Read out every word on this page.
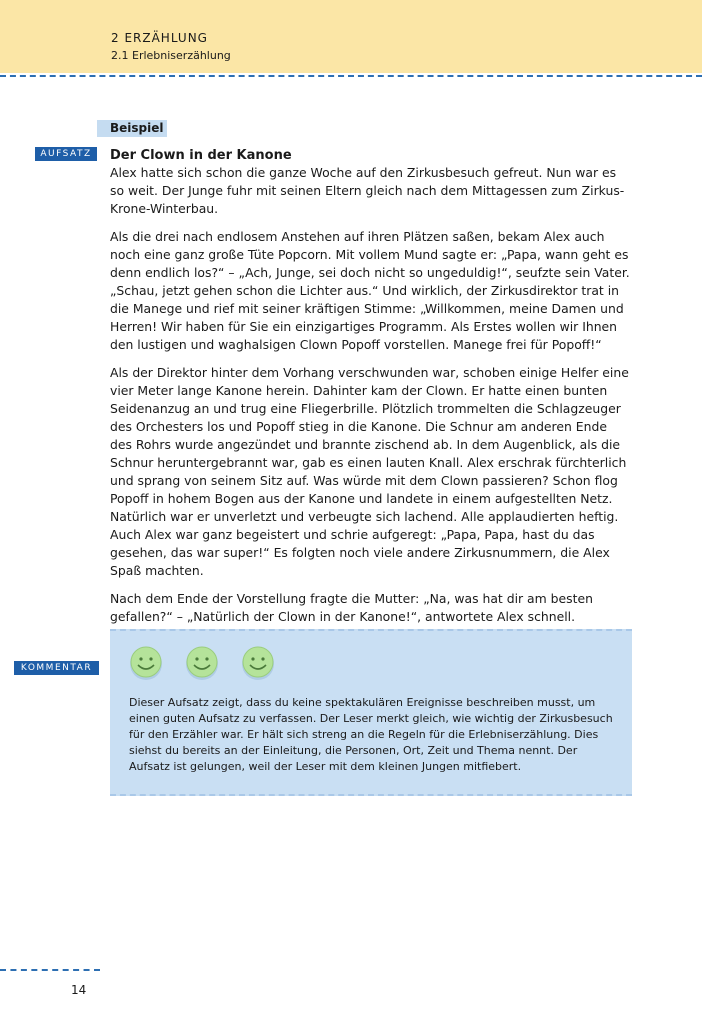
2 ERZÄHLUNG
2.1 Erlebniserzählung
Beispiel
AUFSATZ	Der Clown in der Kanone

Alex hatte sich schon die ganze Woche auf den Zirkusbesuch gefreut. Nun war es so weit. Der Junge fuhr mit seinen Eltern gleich nach dem Mittagessen zum Zirkus-Krone-Winterbau.

Als die drei nach endlosem Anstehen auf ihren Plätzen saßen, bekam Alex auch noch eine ganz große Tüte Popcorn. Mit vollem Mund sagte er: „Papa, wann geht es denn endlich los?“ – „Ach, Junge, sei doch nicht so ungeduldig!“, seufzte sein Vater. „Schau, jetzt gehen schon die Lichter aus.“ Und wirklich, der Zirkusdirektor trat in die Manege und rief mit seiner kräftigen Stimme: „Willkommen, meine Damen und Herren! Wir haben für Sie ein einzigartiges Programm. Als Erstes wollen wir Ihnen den lustigen und waghalsigen Clown Popoff vorstellen. Manege frei für Popoff!“

Als der Direktor hinter dem Vorhang verschwunden war, schoben einige Helfer eine vier Meter lange Kanone herein. Dahinter kam der Clown. Er hatte einen bunten Seidenanzug an und trug eine Fliegerbrille. Plötzlich trommelten die Schlagzeuger des Orchesters los und Popoff stieg in die Kanone. Die Schnur am anderen Ende des Rohrs wurde angezündet und brannte zischend ab. In dem Augenblick, als die Schnur heruntergebrannt war, gab es einen lauten Knall. Alex erschrak fürchterlich und sprang von seinem Sitz auf. Was würde mit dem Clown passieren? Schon flog Popoff in hohem Bogen aus der Kanone und landete in einem aufgestellten Netz. Natürlich war er unverletzt und verbeugte sich lachend. Alle applaudierten heftig. Auch Alex war ganz begeistert und schrie aufgeregt: „Papa, Papa, hast du das gesehen, das war super!“ Es folgten noch viele andere Zirkusnummern, die Alex Spaß machten.

Nach dem Ende der Vorstellung fragte die Mutter: „Na, was hat dir am besten gefallen?“ – „Natürlich der Clown in der Kanone!“, antwortete Alex schnell.

KOMMENTAR
Dieser Aufsatz zeigt, dass du keine spektakulären Ereignisse beschreiben musst, um einen guten Aufsatz zu verfassen. Der Leser merkt gleich, wie wichtig der Zirkusbesuch für den Erzähler war. Er hält sich streng an die Regeln für die Erlebniserzählung. Dies siehst du bereits an der Einleitung, die Personen, Ort, Zeit und Thema nennt. Der Aufsatz ist gelungen, weil der Leser mit dem kleinen Jungen mitfiebert.
14
